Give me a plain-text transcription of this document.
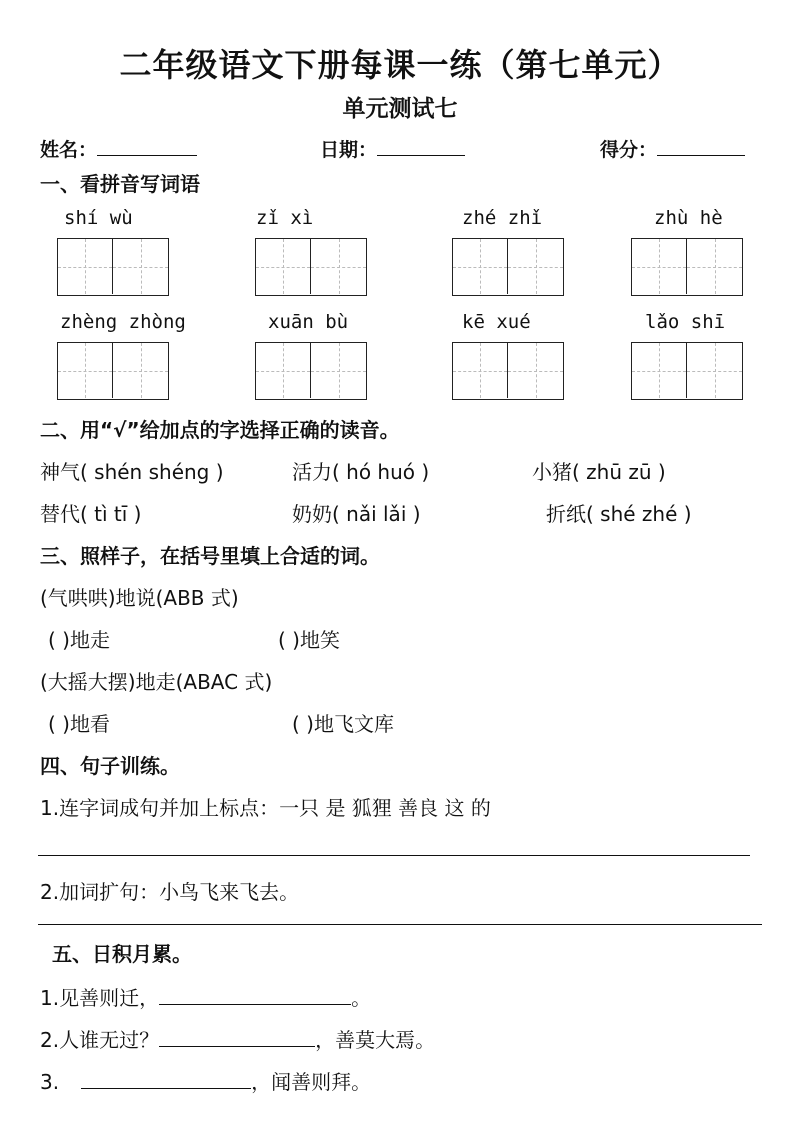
二年级语文下册每课一练（第七单元）
单元测试七
姓名：	日期：	得分：
一、看拼音写词语
shí wù	zǐ xì	zhé zhǐ	zhù hè
zhèng zhòng	xuān bù	kē xué	lǎo shī
二、用“√”给加点的字选择正确的读音。
神气( shén shéng )	活力( hó huó )	小猪( zhū zū )
替代( tì tī )	奶奶( nǎi lǎi )	折纸( shé zhé )
三、照样子，在括号里填上合适的词。
(气哄哄)地说(ABB 式)
( )地走	( )地笑
(大摇大摆)地走(ABAC 式)
( )地看	( )地飞文库
四、句子训练。
1.连字词成句并加上标点：一只 是 狐狸 善良 这 的
2.加词扩句：小鸟飞来飞去。
五、日积月累。
1.见善则迁，	。
2.人谁无过？	，善莫大焉。
3.	，闻善则拜。
